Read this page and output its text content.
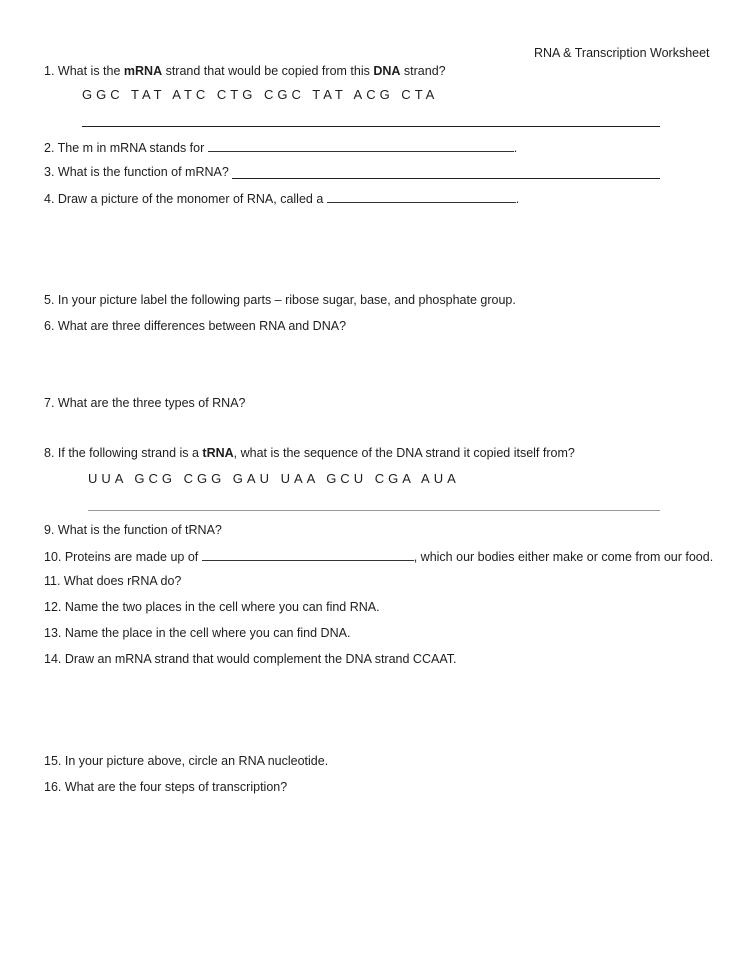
RNA & Transcription Worksheet
1. What is the mRNA strand that would be copied from this DNA strand?
GGC TAT ATC CTG CGC TAT ACG CTA
2. The m in mRNA stands for	.
3. What is the function of mRNA?
4. Draw a picture of the monomer of RNA, called a	.
5. In your picture label the following parts – ribose sugar, base, and phosphate group.
6. What are three differences between RNA and DNA?
7. What are the three types of RNA?
8. If the following strand is a tRNA, what is the sequence of the DNA strand it copied itself from?
UUA GCG CGG GAU UAA GCU CGA AUA
9. What is the function of tRNA?
10. Proteins are made up of	, which our bodies either make or come from our food.
11. What does rRNA do?
12. Name the two places in the cell where you can find RNA.
13. Name the place in the cell where you can find DNA.
14. Draw an mRNA strand that would complement the DNA strand CCAAT.
15. In your picture above, circle an RNA nucleotide.
16. What are the four steps of transcription?
